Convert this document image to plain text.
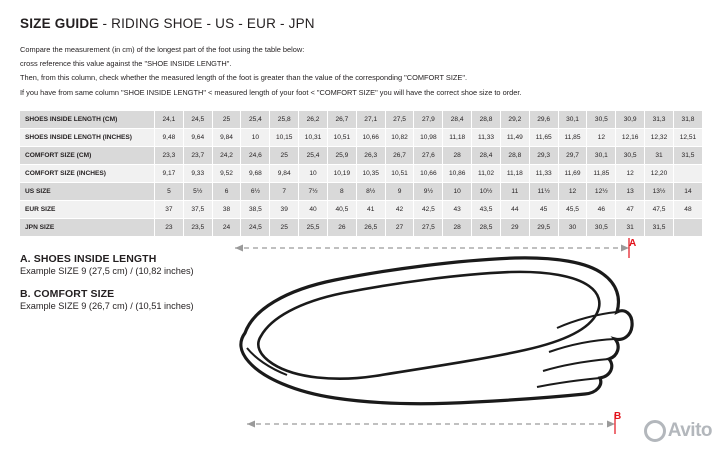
SIZE GUIDE - RIDING SHOE - US - EUR - JPN
Compare the measurement (in cm) of the longest part of the foot using the table below:
cross reference this value against the "SHOE INSIDE LENGTH".
Then, from this column, check whether the measured length of the foot is greater than the value of the corresponding "COMFORT SIZE".
If you have from same column "SHOE INSIDE LENGTH" < measured length of your foot < "COMFORT SIZE" you will have the correct shoe size to order.
SHOES INSIDE LENGTH (CM)	24,1	24,5	25	25,4	25,8	26,2	26,7	27,1	27,5	27,9	28,4	28,8	29,2	29,6	30,1	30,5	30,9	31,3	31,8
SHOES INSIDE LENGTH (INCHES)	9,48	9,64	9,84	10	10,15	10,31	10,51	10,66	10,82	10,98	11,18	11,33	11,49	11,65	11,85	12	12,16	12,32	12,51
COMFORT SIZE (CM)	23,3	23,7	24,2	24,6	25	25,4	25,9	26,3	26,7	27,6	28	28,4	28,8	29,3	29,7	30,1	30,5	31	31,5
COMFORT SIZE (INCHES)	9,17	9,33	9,52	9,68	9,84	10	10,19	10,35	10,51	10,66	10,86	11,02	11,18	11,33	11,69	11,85	12	12,20	
US SIZE	5	5½	6	6½	7	7½	8	8½	9	9½	10	10½	11	11½	12	12½	13	13½	14
EUR SIZE	37	37,5	38	38,5	39	40	40,5	41	42	42,5	43	43,5	44	45	45,5	46	47	47,5	48
JPN SIZE	23	23,5	24	24,5	25	25,5	26	26,5	27	27,5	28	28,5	29	29,5	30	30,5	31	31,5	
A. SHOES INSIDE LENGTH

Example SIZE 9 (27,5 cm) / (10,82 inches)

B. COMFORT SIZE

Example SIZE 9 (26,7 cm) / (10,51 inches)

A
B
Avito
